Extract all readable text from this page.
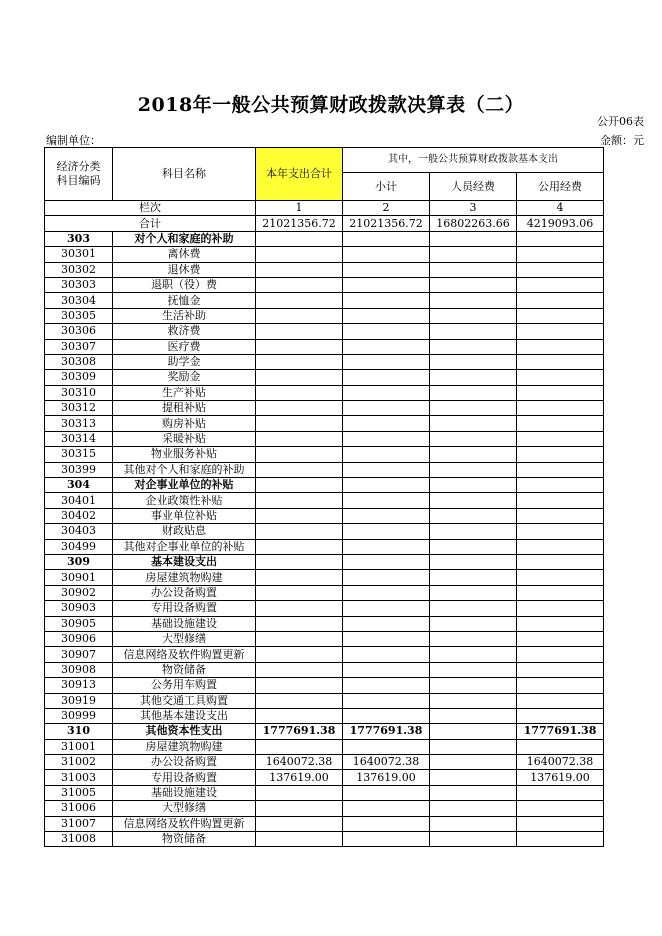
2018年一般公共预算财政拨款决算表（二）
公开06表
编制单位：	金额：元
经济分类
科目编码	科目名称	本年支出合计	其中，一般公共预算财政拨款基本支出		
			小计	人员经费	公用经费
栏次		1	2	3	4
合计		21021356.72	21021356.72	16802263.66	4219093.06
303	对个人和家庭的补助				
30301	离休费				
30302	退休费				
30303	退职（役）费				
30304	抚恤金				
30305	生活补助				
30306	救济费				
30307	医疗费				
30308	助学金				
30309	奖励金				
30310	生产补贴				
30312	提租补贴				
30313	购房补贴				
30314	采暖补贴				
30315	物业服务补贴				
30399	其他对个人和家庭的补助				
304	对企事业单位的补贴				
30401	企业政策性补贴				
30402	事业单位补贴				
30403	财政贴息				
30499	其他对企事业单位的补贴				
309	基本建设支出				
30901	房屋建筑物购建				
30902	办公设备购置				
30903	专用设备购置				
30905	基础设施建设				
30906	大型修缮				
30907	信息网络及软件购置更新				
30908	物资储备				
30913	公务用车购置				
30919	其他交通工具购置				
30999	其他基本建设支出				
310	其他资本性支出	1777691.38	1777691.38		1777691.38
31001	房屋建筑物购建				
31002	办公设备购置	1640072.38	1640072.38		1640072.38
31003	专用设备购置	137619.00	137619.00		137619.00
31005	基础设施建设				
31006	大型修缮				
31007	信息网络及软件购置更新				
31008	物资储备				
